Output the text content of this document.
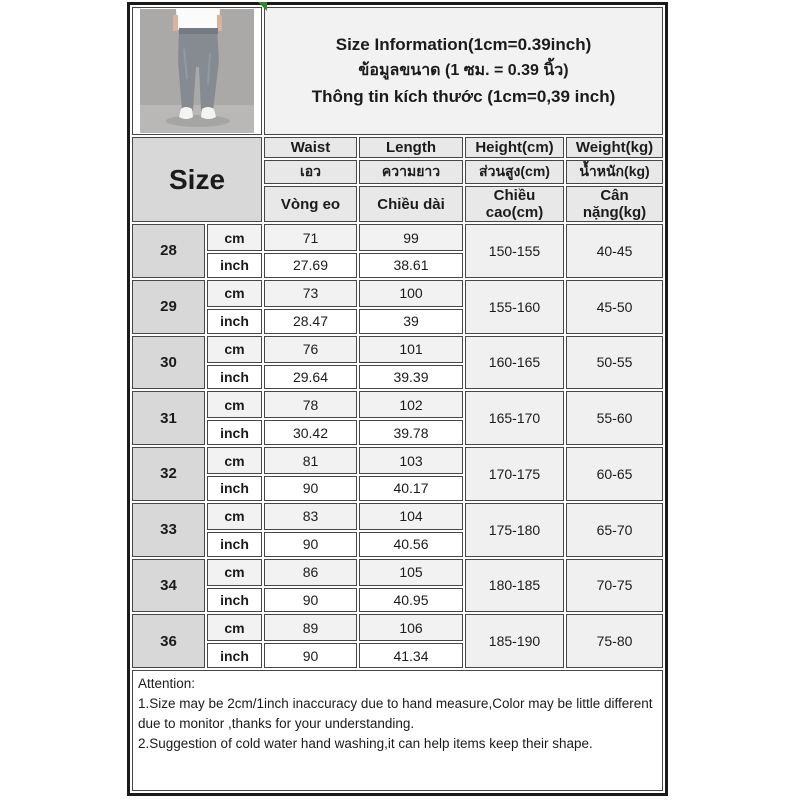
Size Information(1cm=0.39inch)
ข้อมูลขนาด (1 ซม. = 0.39 นิ้ว)
Thông tin kích thước (1cm=0,39 inch)			

Size		Waist	Length	Height(cm)	Weight(kg)
		เอว	ความยาว	ส่วนสูง(cm)	น้ำหนัก(kg)
		Vòng eo	Chiều dài	Chiều cao(cm)	Cân nặng(kg)
28	cm	71	99	150-155	40-45
	inch	27.69	38.61		
29	cm	73	100	155-160	45-50
	inch	28.47	39		
30	cm	76	101	160-165	50-55
	inch	29.64	39.39		
31	cm	78	102	165-170	55-60
	inch	30.42	39.78		
32	cm	81	103	170-175	60-65
	inch	90	40.17		
33	cm	83	104	175-180	65-70
	inch	90	40.56		
34	cm	86	105	180-185	70-75
	inch	90	40.95		
36	cm	89	106	185-190	75-80
	inch	90	41.34		

Attention:
1.Size may be 2cm/1inch inaccuracy due to hand measure,Color may be little different due to monitor ,thanks for your understanding.
2.Suggestion of cold water hand washing,it can help items keep their shape.					
